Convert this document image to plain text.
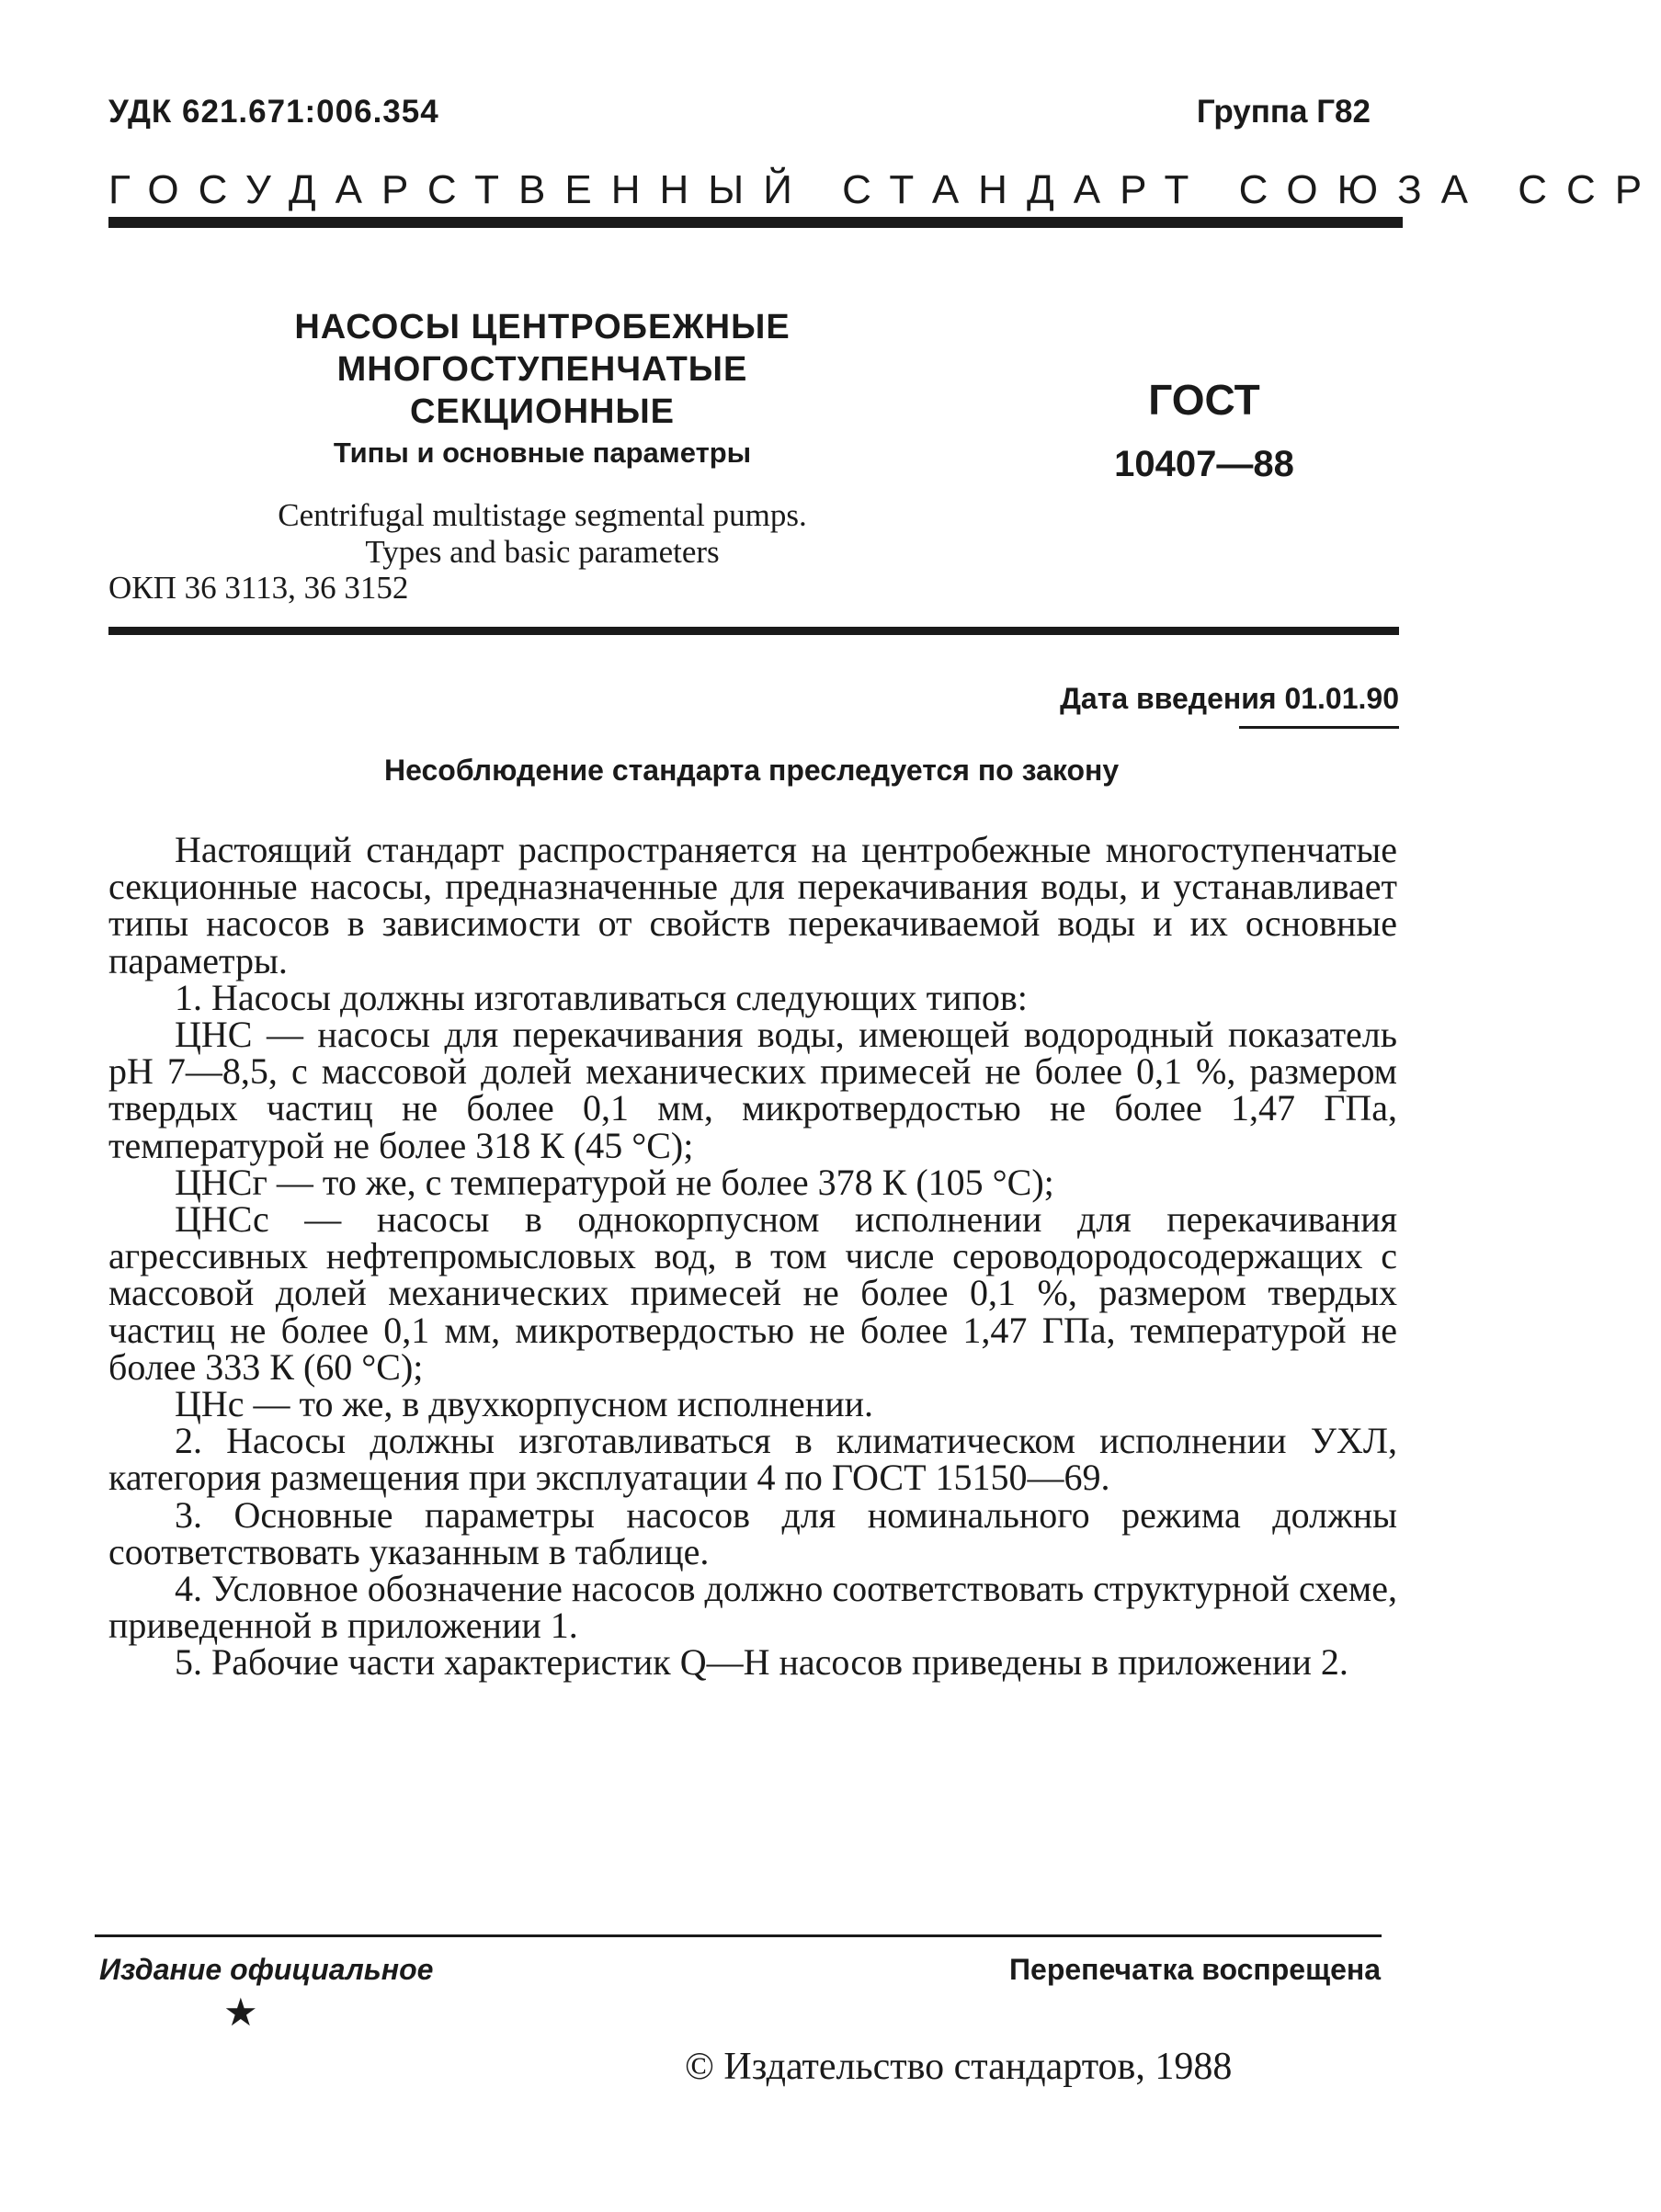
УДК 621.671:006.354	Группа Г82
ГОСУДАРСТВЕННЫЙ СТАНДАРТ СОЮЗА ССР
НАСОСЫ ЦЕНТРОБЕЖНЫЕ
МНОГОСТУПЕНЧАТЫЕ СЕКЦИОННЫЕ
Типы и основные параметры
Centrifugal multistage segmental pumps.
Types and basic parameters
ГОСТ
10407—88
ОКП 36 3113, 36 3152
Дата введения 01.01.90
Несоблюдение стандарта преследуется по закону

Настоящий стандарт распространяется на центробежные многоступенчатые секционные насосы, предназначенные для перекачивания воды, и устанавливает типы насосов в зависимости от свойств перекачиваемой воды и их основные параметры.

1. Насосы должны изготавливаться следующих типов:

ЦНС — насосы для перекачивания воды, имеющей водородный показатель pH 7—8,5, с массовой долей механических примесей не более 0,1 %, размером твердых частиц не более 0,1 мм, микротвердостью не более 1,47 ГПа, температурой не более 318 К (45 °С);

ЦНСг — то же, с температурой не более 378 К (105 °С);

ЦНСс — насосы в однокорпусном исполнении для перекачивания агрессивных нефтепромысловых вод, в том числе сероводородосодержащих с массовой долей механических примесей не более 0,1 %, размером твердых частиц не более 0,1 мм, микротвердостью не более 1,47 ГПа, температурой не более 333 К (60 °С);

ЦНс — то же, в двухкорпусном исполнении.

2. Насосы должны изготавливаться в климатическом исполнении УХЛ, категория размещения при эксплуатации 4 по ГОСТ 15150—69.

3. Основные параметры насосов для номинального режима должны соответствовать указанным в таблице.

4. Условное обозначение насосов должно соответствовать структурной схеме, приведенной в приложении 1.

5. Рабочие части характеристик Q—H насосов приведены в приложении 2.

Издание официальное
★
Перепечатка воспрещена
© Издательство стандартов, 1988
